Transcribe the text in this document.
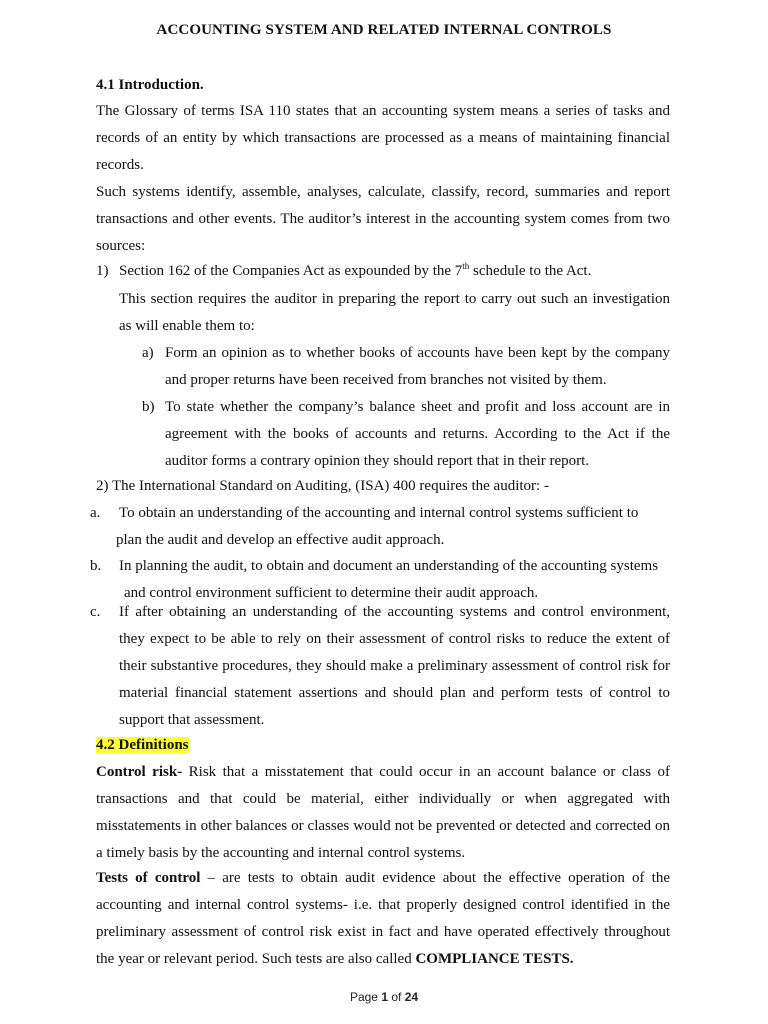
ACCOUNTING SYSTEM AND RELATED INTERNAL CONTROLS
4.1 Introduction.

The Glossary of terms ISA 110 states that an accounting system means a series of tasks and records of an entity by which transactions are processed as a means of maintaining financial records.

Such systems identify, assemble, analyses, calculate, classify, record, summaries and report transactions and other events. The auditor’s interest in the accounting system comes from two sources:

1) Section 162 of the Companies Act as expounded by the 7th schedule to the Act.

This section requires the auditor in preparing the report to carry out such an investigation as will enable them to:

a) Form an opinion as to whether books of accounts have been kept by the company and proper returns have been received from branches not visited by them.

b) To state whether the company’s balance sheet and profit and loss account are in agreement with the books of accounts and returns. According to the Act if the auditor forms a contrary opinion they should report that in their report.

2) The International Standard on Auditing, (ISA) 400 requires the auditor: -
a. To obtain an understanding of the accounting and internal control systems sufficient to
plan the audit and develop an effective audit approach.
b. In planning the audit, to obtain and document an understanding of the accounting systems
and control environment sufficient to determine their audit approach.
c. If after obtaining an understanding of the accounting systems and control environment, they expect to be able to rely on their assessment of control risks to reduce the extent of their substantive procedures, they should make a preliminary assessment of control risk for material financial statement assertions and should plan and perform tests of control to support that assessment.

4.2 Definitions

Control risk- Risk that a misstatement that could occur in an account balance or class of transactions and that could be material, either individually or when aggregated with misstatements in other balances or classes would not be prevented or detected and corrected on a timely basis by the accounting and internal control systems.

Tests of control – are tests to obtain audit evidence about the effective operation of the accounting and internal control systems- i.e. that properly designed control identified in the preliminary assessment of control risk exist in fact and have operated effectively throughout the year or relevant period. Such tests are also called COMPLIANCE TESTS.

Page 1 of 24
